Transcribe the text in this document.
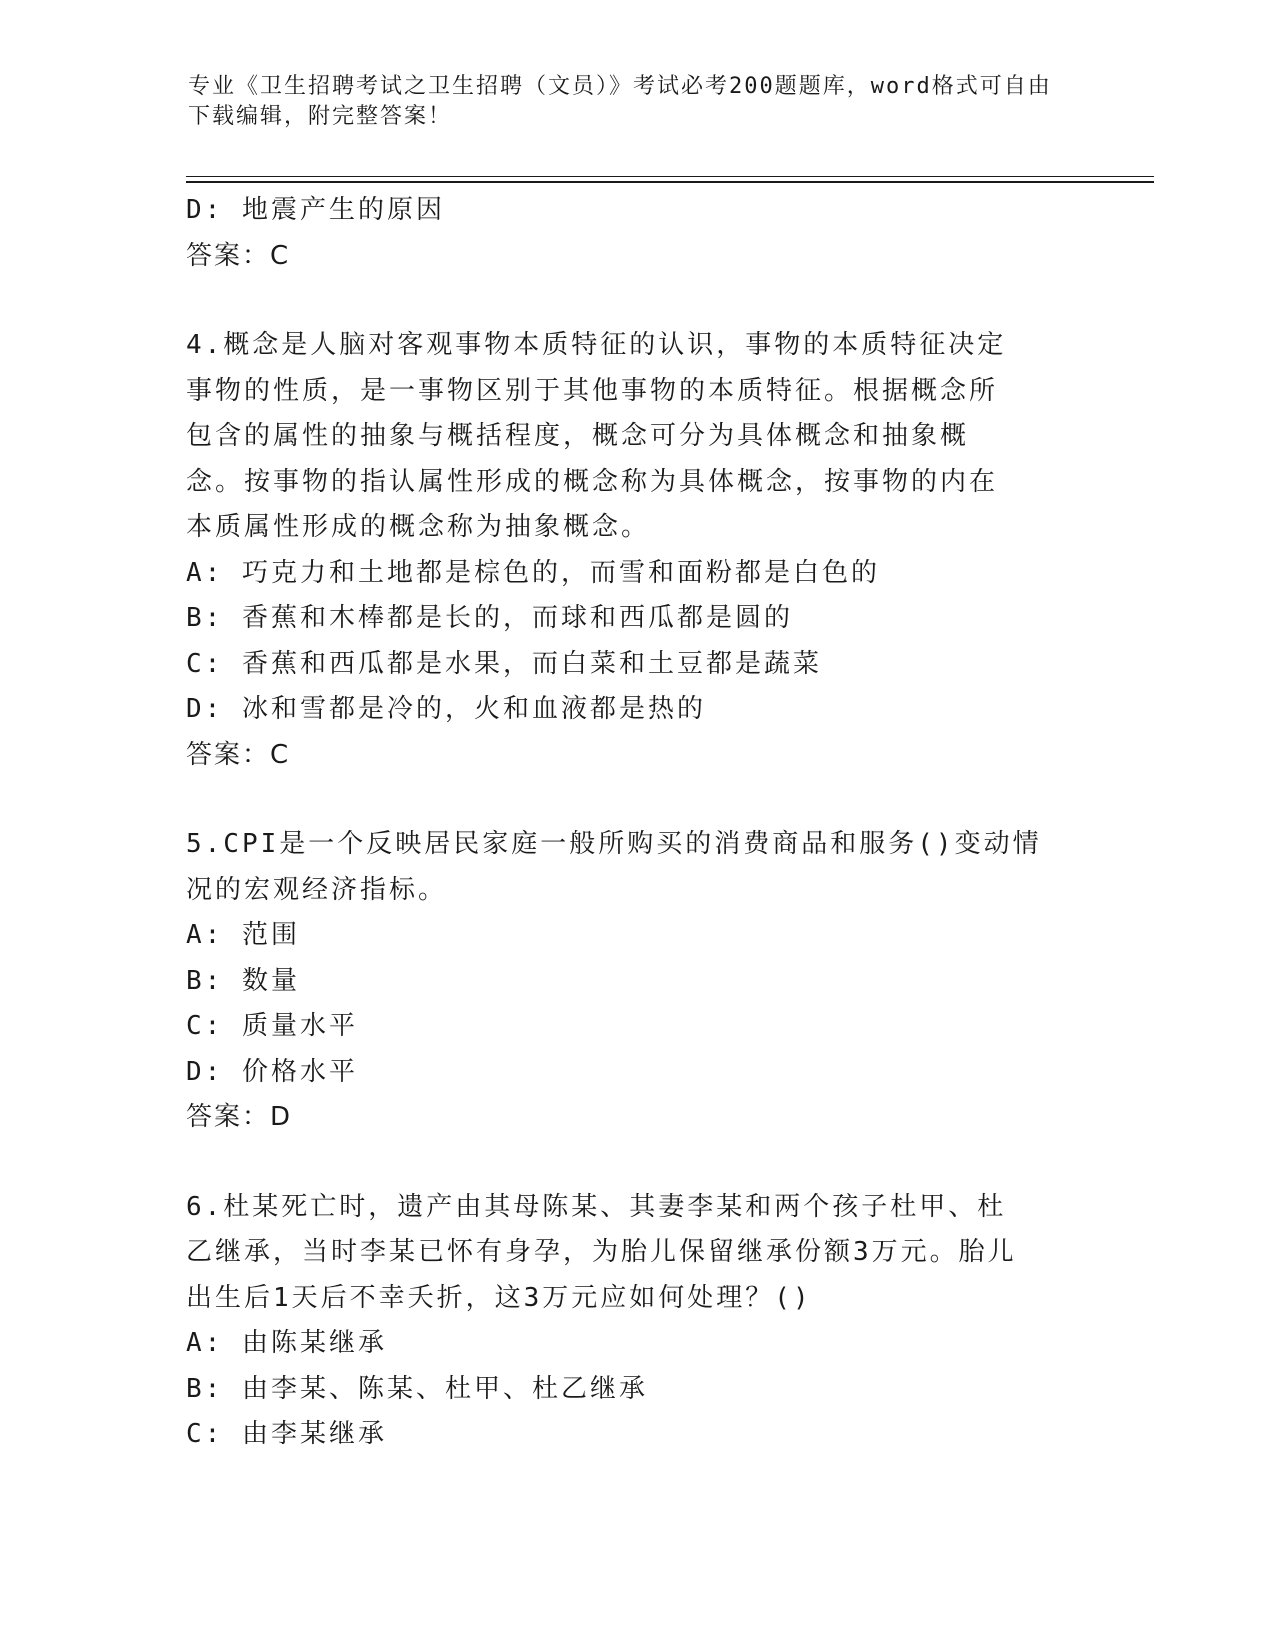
专业《卫生招聘考试之卫生招聘（文员）》考试必考200题题库，word格式可自由下载编辑，附完整答案！
D: 地震产生的原因
答案：C
4.概念是人脑对客观事物本质特征的认识，事物的本质特征决定事物的性质，是一事物区别于其他事物的本质特征。根据概念所包含的属性的抽象与概括程度，概念可分为具体概念和抽象概念。按事物的指认属性形成的概念称为具体概念，按事物的内在本质属性形成的概念称为抽象概念。
A: 巧克力和土地都是棕色的，而雪和面粉都是白色的
B: 香蕉和木棒都是长的，而球和西瓜都是圆的
C: 香蕉和西瓜都是水果，而白菜和土豆都是蔬菜
D: 冰和雪都是冷的，火和血液都是热的
答案：C
5.CPI是一个反映居民家庭一般所购买的消费商品和服务()变动情况的宏观经济指标。
A: 范围
B: 数量
C: 质量水平
D: 价格水平
答案：D
6.杜某死亡时，遗产由其母陈某、其妻李某和两个孩子杜甲、杜乙继承，当时李某已怀有身孕，为胎儿保留继承份额3万元。胎儿出生后1天后不幸夭折，这3万元应如何处理？()
A: 由陈某继承
B: 由李某、陈某、杜甲、杜乙继承
C: 由李某继承
